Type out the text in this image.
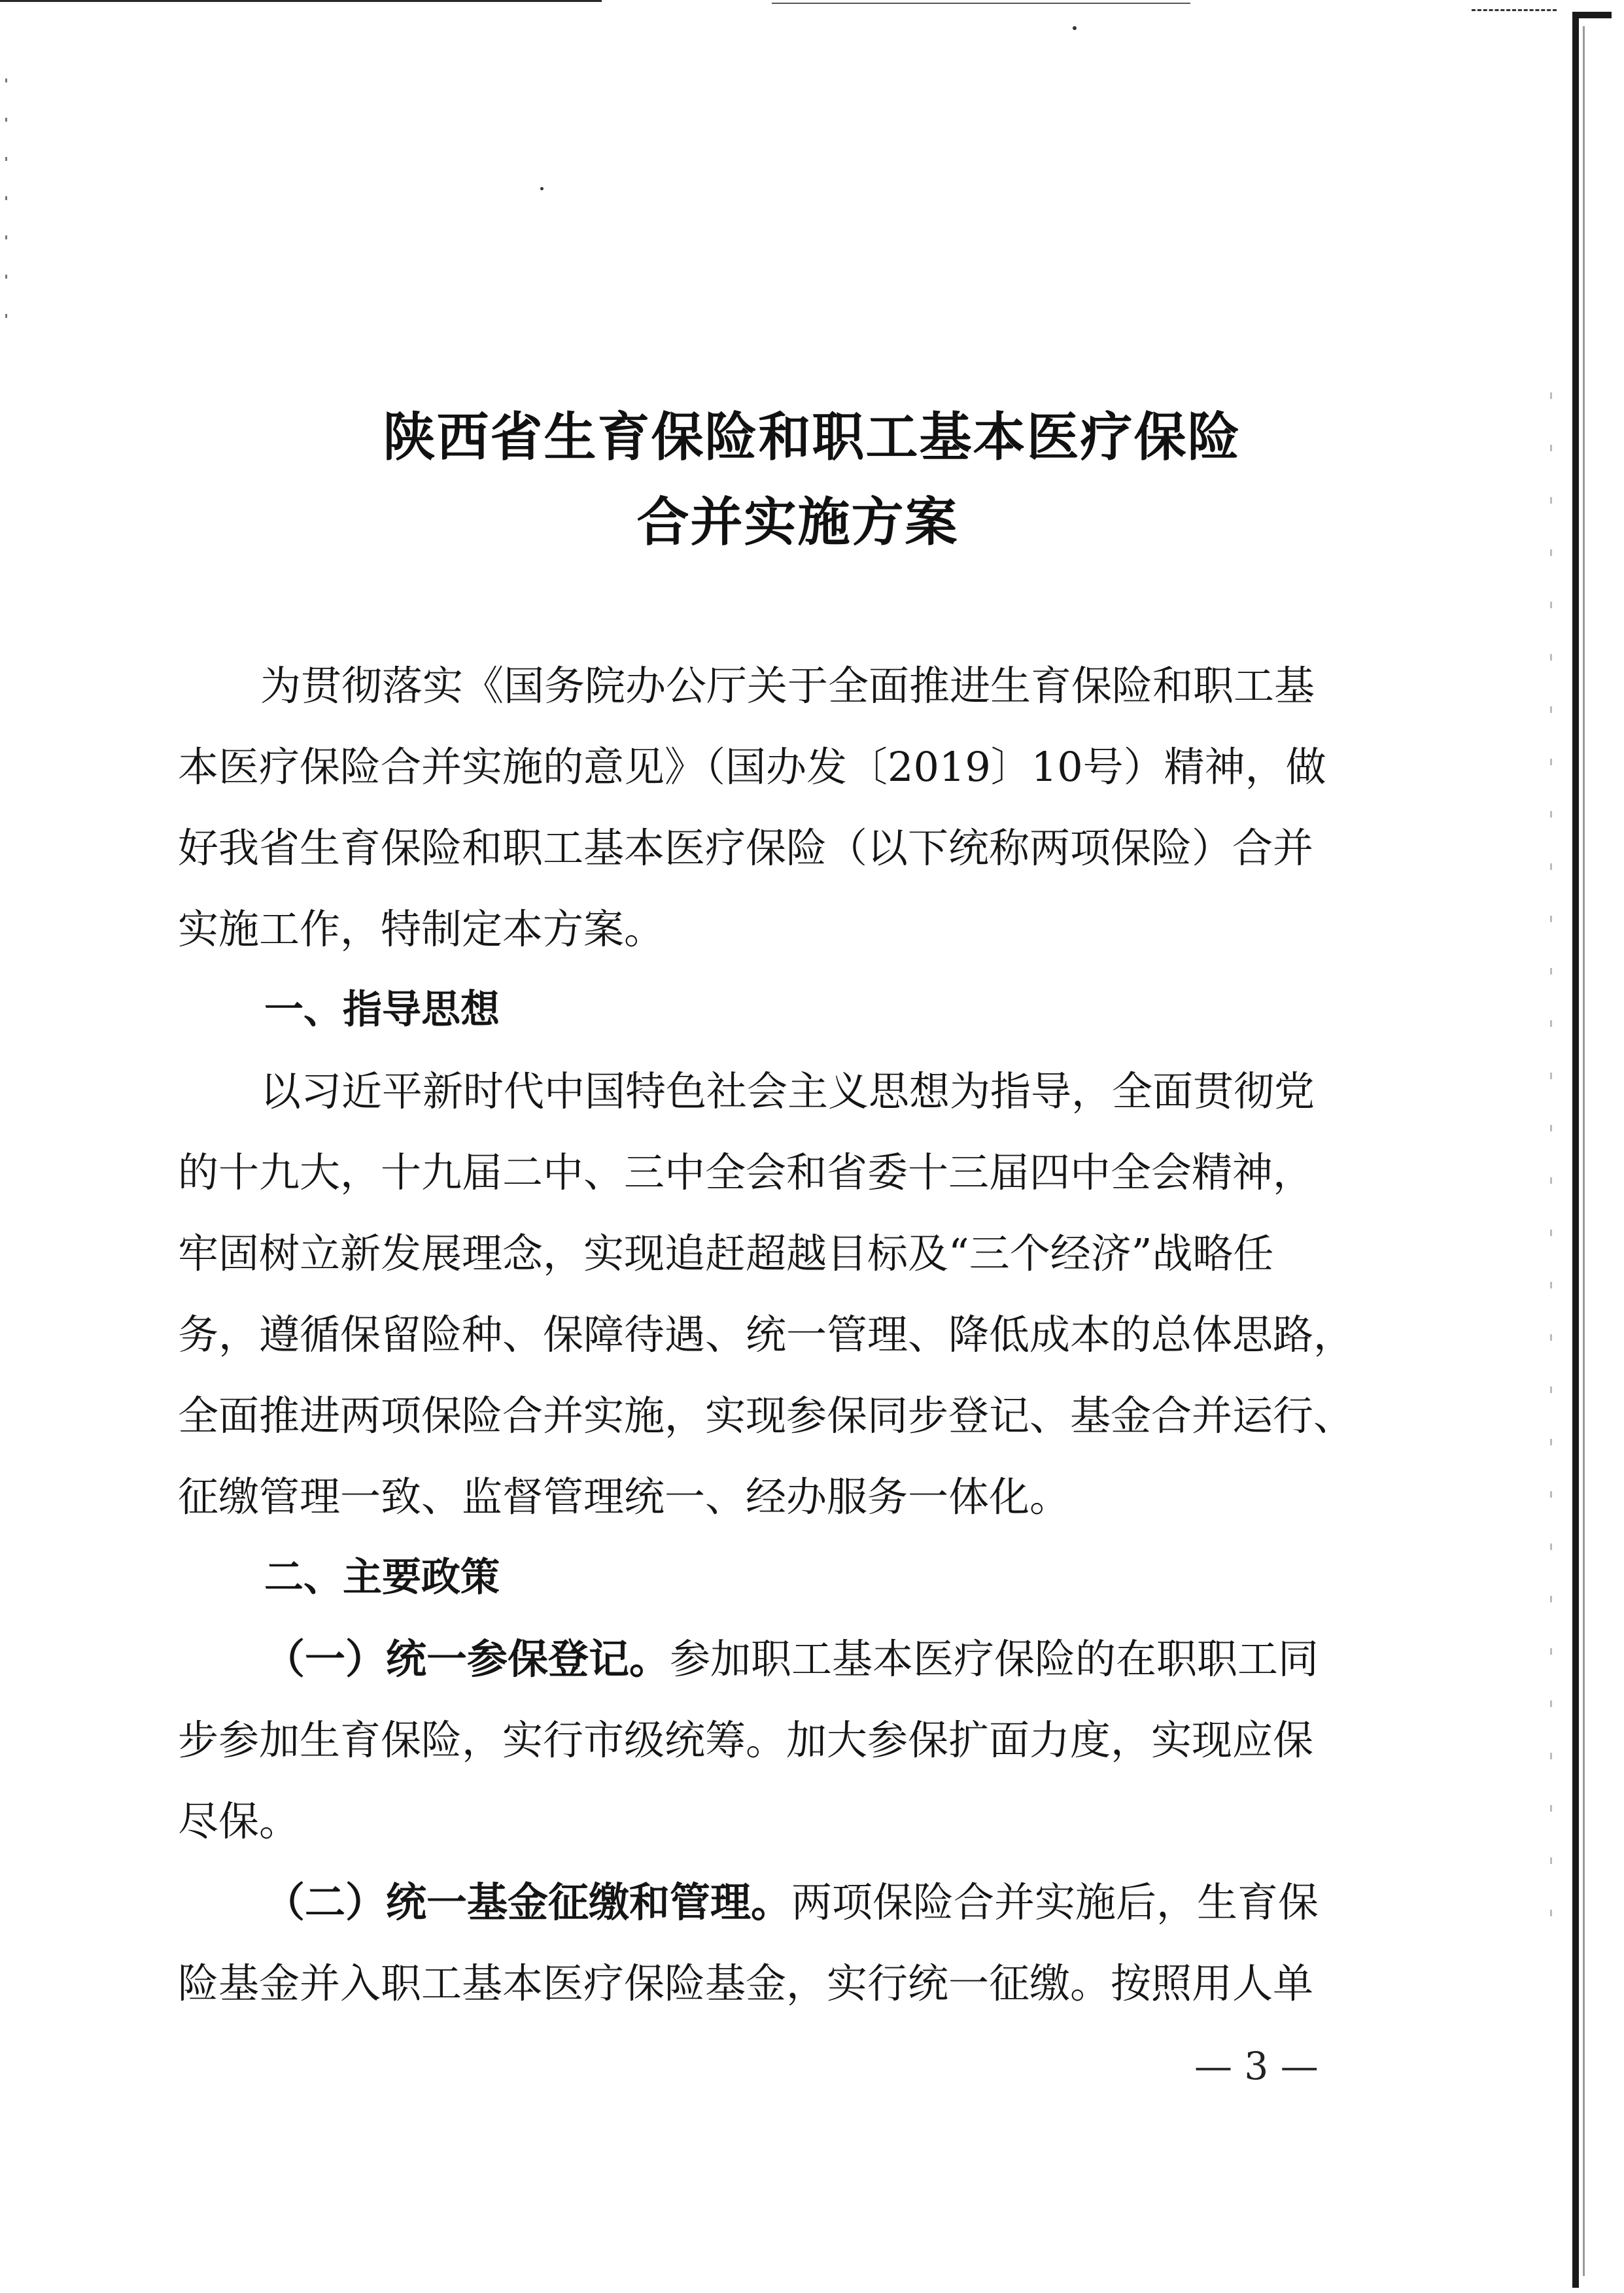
陕西省生育保险和职工基本医疗保险
合并实施方案
为贯彻落实《国务院办公厅关于全面推进生育保险和职工基
本医疗保险合并实施的意见》（国办发〔2019〕10号）精神，做
好我省生育保险和职工基本医疗保险（以下统称两项保险）合并
实施工作，特制定本方案。
一、指导思想
以习近平新时代中国特色社会主义思想为指导，全面贯彻党
的十九大，十九届二中、三中全会和省委十三届四中全会精神，
牢固树立新发展理念，实现追赶超越目标及“三个经济”战略任
务，遵循保留险种、保障待遇、统一管理、降低成本的总体思路，
全面推进两项保险合并实施，实现参保同步登记、基金合并运行、
征缴管理一致、监督管理统一、经办服务一体化。
二、主要政策
（一）统一参保登记。参加职工基本医疗保险的在职职工同
步参加生育保险，实行市级统筹。加大参保扩面力度，实现应保
尽保。
（二）统一基金征缴和管理。两项保险合并实施后，生育保
险基金并入职工基本医疗保险基金，实行统一征缴。按照用人单
— 3 —
